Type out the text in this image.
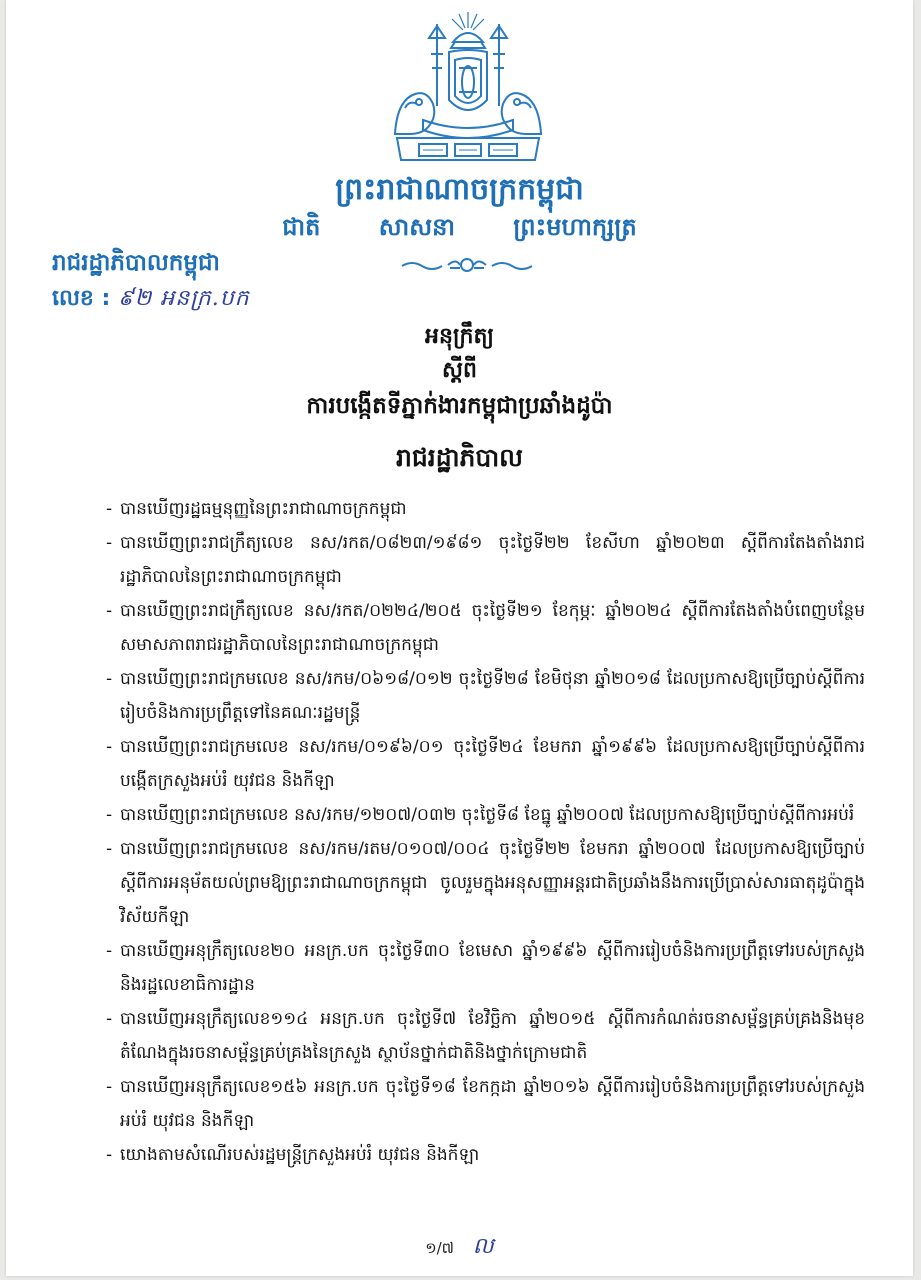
ព្រះរាជាណាចក្រកម្ពុជា
ជាតិ សាសនា ព្រះមហាក្សត្រ
រាជរដ្ឋាភិបាលកម្ពុជា
លេខ : ៩២ អនក្រ.បក
អនុក្រឹត្យ
ស្តីពី
ការបង្កើតទីភ្នាក់ងារកម្ពុជាប្រឆាំងដូប៉ា
រាជរដ្ឋាភិបាល
- បានឃើញរដ្ឋធម្មនុញ្ញនៃព្រះរាជាណាចក្រកម្ពុជា
- បានឃើញព្រះរាជក្រឹត្យលេខ នស/រកត/០៨២៣/១៩៨១ ចុះថ្ងៃទី២២ ខែសីហា ឆ្នាំ២០២៣ ស្តីពីការតែងតាំងរាជរដ្ឋាភិបាលនៃព្រះរាជាណាចក្រកម្ពុជា
- បានឃើញព្រះរាជក្រឹត្យលេខ នស/រកត/០២២៤/២០៥ ចុះថ្ងៃទី២១ ខែកុម្ភៈ ឆ្នាំ២០២៤ ស្តីពីការតែងតាំងបំពេញបន្ថែមសមាសភាពរាជរដ្ឋាភិបាលនៃព្រះរាជាណាចក្រកម្ពុជា
- បានឃើញព្រះរាជក្រមលេខ នស/រកម/០៦១៨/០១២ ចុះថ្ងៃទី២៨ ខែមិថុនា ឆ្នាំ២០១៨ ដែលប្រកាសឱ្យប្រើច្បាប់ស្តីពីការរៀបចំនិងការប្រព្រឹត្តទៅនៃគណៈរដ្ឋមន្ត្រី
- បានឃើញព្រះរាជក្រមលេខ នស/រកម/០១៩៦/០១ ចុះថ្ងៃទី២៤ ខែមករា ឆ្នាំ១៩៩៦ ដែលប្រកាសឱ្យប្រើច្បាប់ស្តីពីការបង្កើតក្រសួងអប់រំ យុវជន និងកីឡា
- បានឃើញព្រះរាជក្រមលេខ នស/រកម/១២០៧/០៣២ ចុះថ្ងៃទី៨ ខែធ្នូ ឆ្នាំ២០០៧ ដែលប្រកាសឱ្យប្រើច្បាប់ស្តីពីការអប់រំ
- បានឃើញព្រះរាជក្រមលេខ នស/រកម/រតម/០១០៧/០០៤ ចុះថ្ងៃទី២២ ខែមករា ឆ្នាំ២០០៧ ដែលប្រកាសឱ្យប្រើច្បាប់ស្តីពីការអនុម័តយល់ព្រមឱ្យព្រះរាជាណាចក្រកម្ពុជា ចូលរួមក្នុងអនុសញ្ញាអន្តរជាតិប្រឆាំងនឹងការប្រើប្រាស់សារធាតុដូប៉ាក្នុងវិស័យកីឡា
- បានឃើញអនុក្រឹត្យលេខ២០ អនក្រ.បក ចុះថ្ងៃទី៣០ ខែមេសា ឆ្នាំ១៩៩៦ ស្តីពីការរៀបចំនិងការប្រព្រឹត្តទៅរបស់ក្រសួងនិងរដ្ឋលេខាធិការដ្ឋាន
- បានឃើញអនុក្រឹត្យលេខ១១៤ អនក្រ.បក ចុះថ្ងៃទី៧ ខែវិច្ឆិកា ឆ្នាំ២០១៥ ស្តីពីការកំណត់រចនាសម្ព័ន្ធគ្រប់គ្រងនិងមុខតំណែងក្នុងរចនាសម្ព័ន្ធគ្រប់គ្រងនៃក្រសួង ស្ថាប័នថ្នាក់ជាតិនិងថ្នាក់ក្រោមជាតិ
- បានឃើញអនុក្រឹត្យលេខ១៥៦ អនក្រ.បក ចុះថ្ងៃទី១៨ ខែកក្កដា ឆ្នាំ២០១៦ ស្តីពីការរៀបចំនិងការប្រព្រឹត្តទៅរបស់ក្រសួងអប់រំ យុវជន និងកីឡា
- យោងតាមសំណើរបស់រដ្ឋមន្ត្រីក្រសួងអប់រំ យុវជន និងកីឡា
១/៧ ល
